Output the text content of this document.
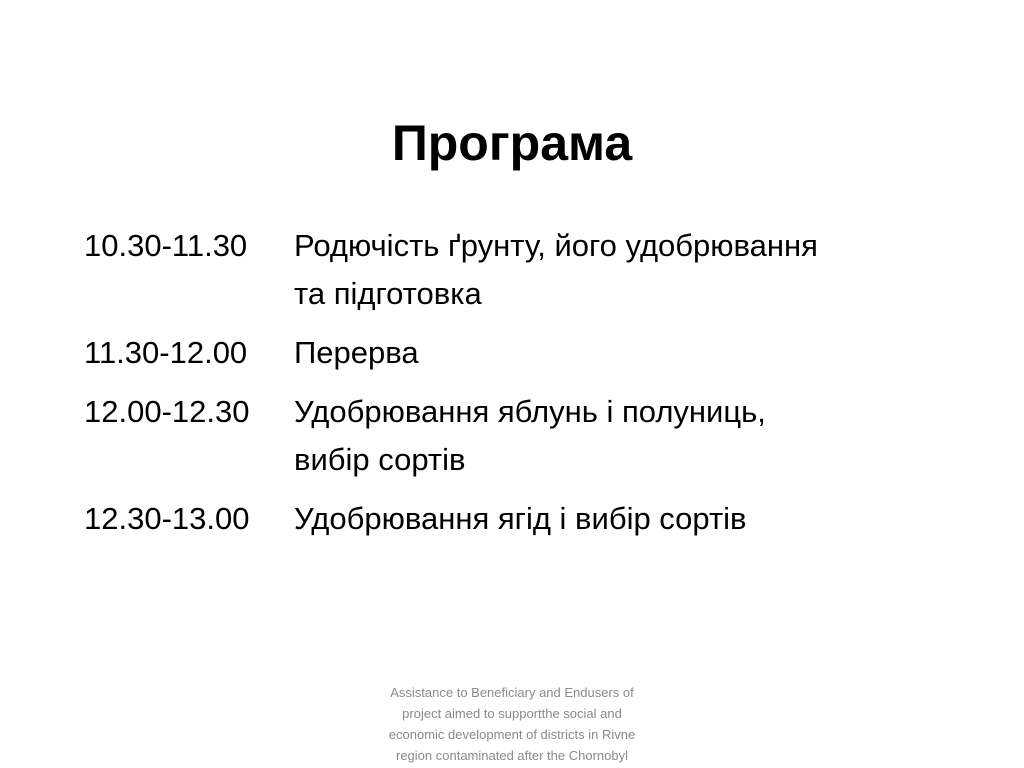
Програма
10.30-11.30	Родючість ґрунту, його удобрювання
та підготовка
11.30-12.00	Перерва
12.00-12.30	Удобрювання яблунь і полуниць,
вибір сортів
12.30-13.00	Удобрювання ягід і вибір сортів
Assistance to Beneficiary and Endusers of
project aimed to supportthe social and
economic development of districts in Rivne
region contaminated after the Chornobyl
